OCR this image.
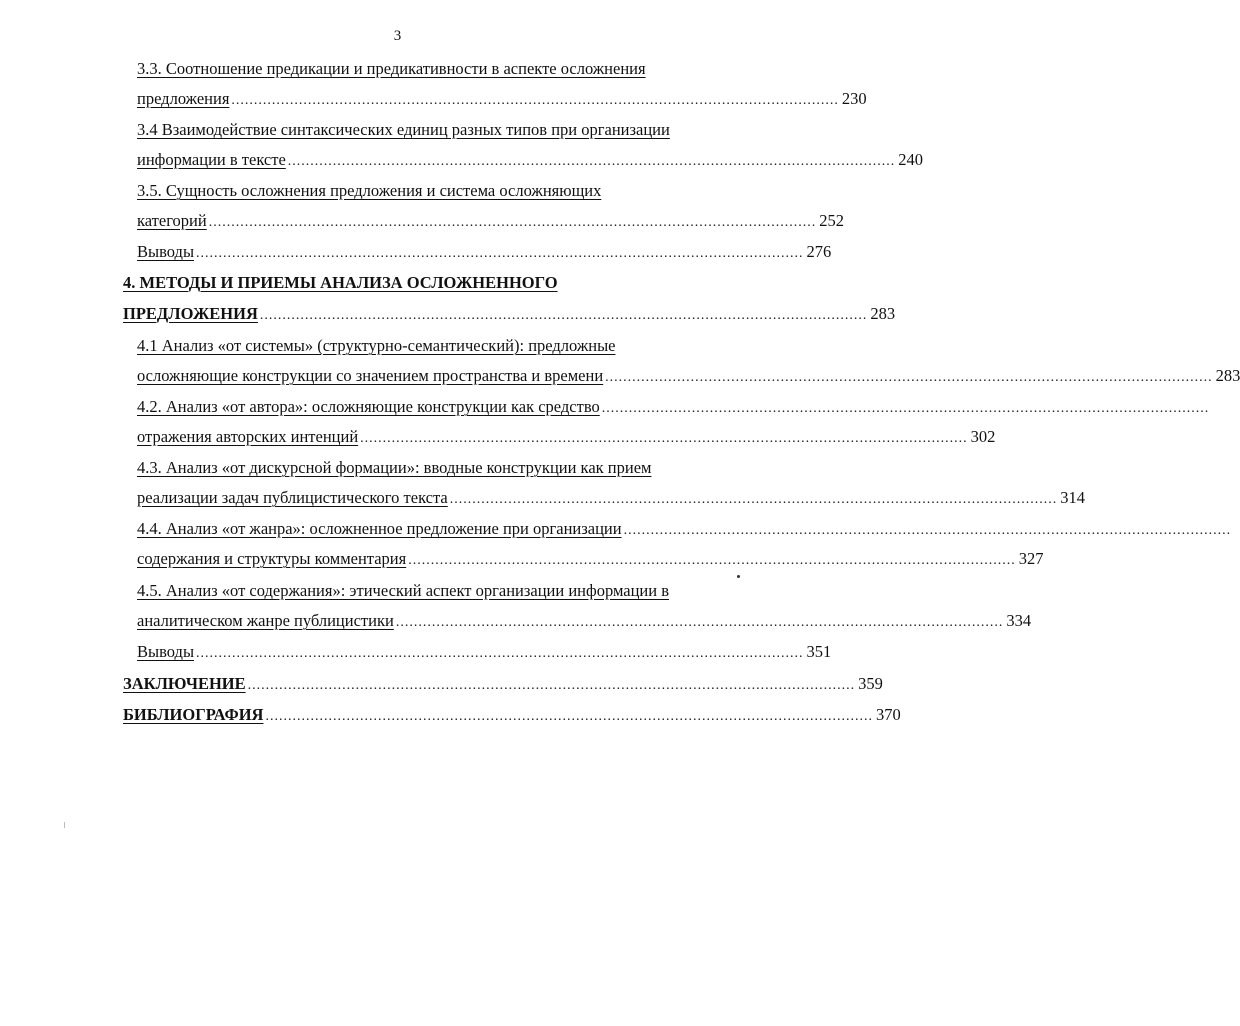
3
3.3. Соотношение предикации и предикативности в аспекте осложнения
предложения ....................................................................................................................................... 230
3.4 Взаимодействие синтаксических единиц разных типов при организации
информации в тексте ....................................................................................................................................... 240
3.5. Сущность осложнения предложения и система осложняющих
категорий ....................................................................................................................................... 252
Выводы ....................................................................................................................................... 276
4. МЕТОДЫ И ПРИЕМЫ АНАЛИЗА ОСЛОЖНЕННОГО
ПРЕДЛОЖЕНИЯ ....................................................................................................................................... 283
4.1 Анализ «от системы» (структурно-семантический): предложные
осложняющие конструкции со значением пространства и времени ....................................................................................................................................... 283
4.2. Анализ «от автора»: осложняющие конструкции как средство .......................................................................................................................................
отражения авторских интенций ....................................................................................................................................... 302
4.3. Анализ «от дискурсной формации»: вводные конструкции как прием
реализации задач публицистического текста ....................................................................................................................................... 314
4.4. Анализ «от жанра»: осложненное предложение при организации .......................................................................................................................................
содержания и структуры комментария ....................................................................................................................................... 327
4.5. Анализ «от содержания»: этический аспект организации информации в
аналитическом жанре публицистики ....................................................................................................................................... 334
Выводы ....................................................................................................................................... 351
ЗАКЛЮЧЕНИЕ ....................................................................................................................................... 359
БИБЛИОГРАФИЯ ....................................................................................................................................... 370
